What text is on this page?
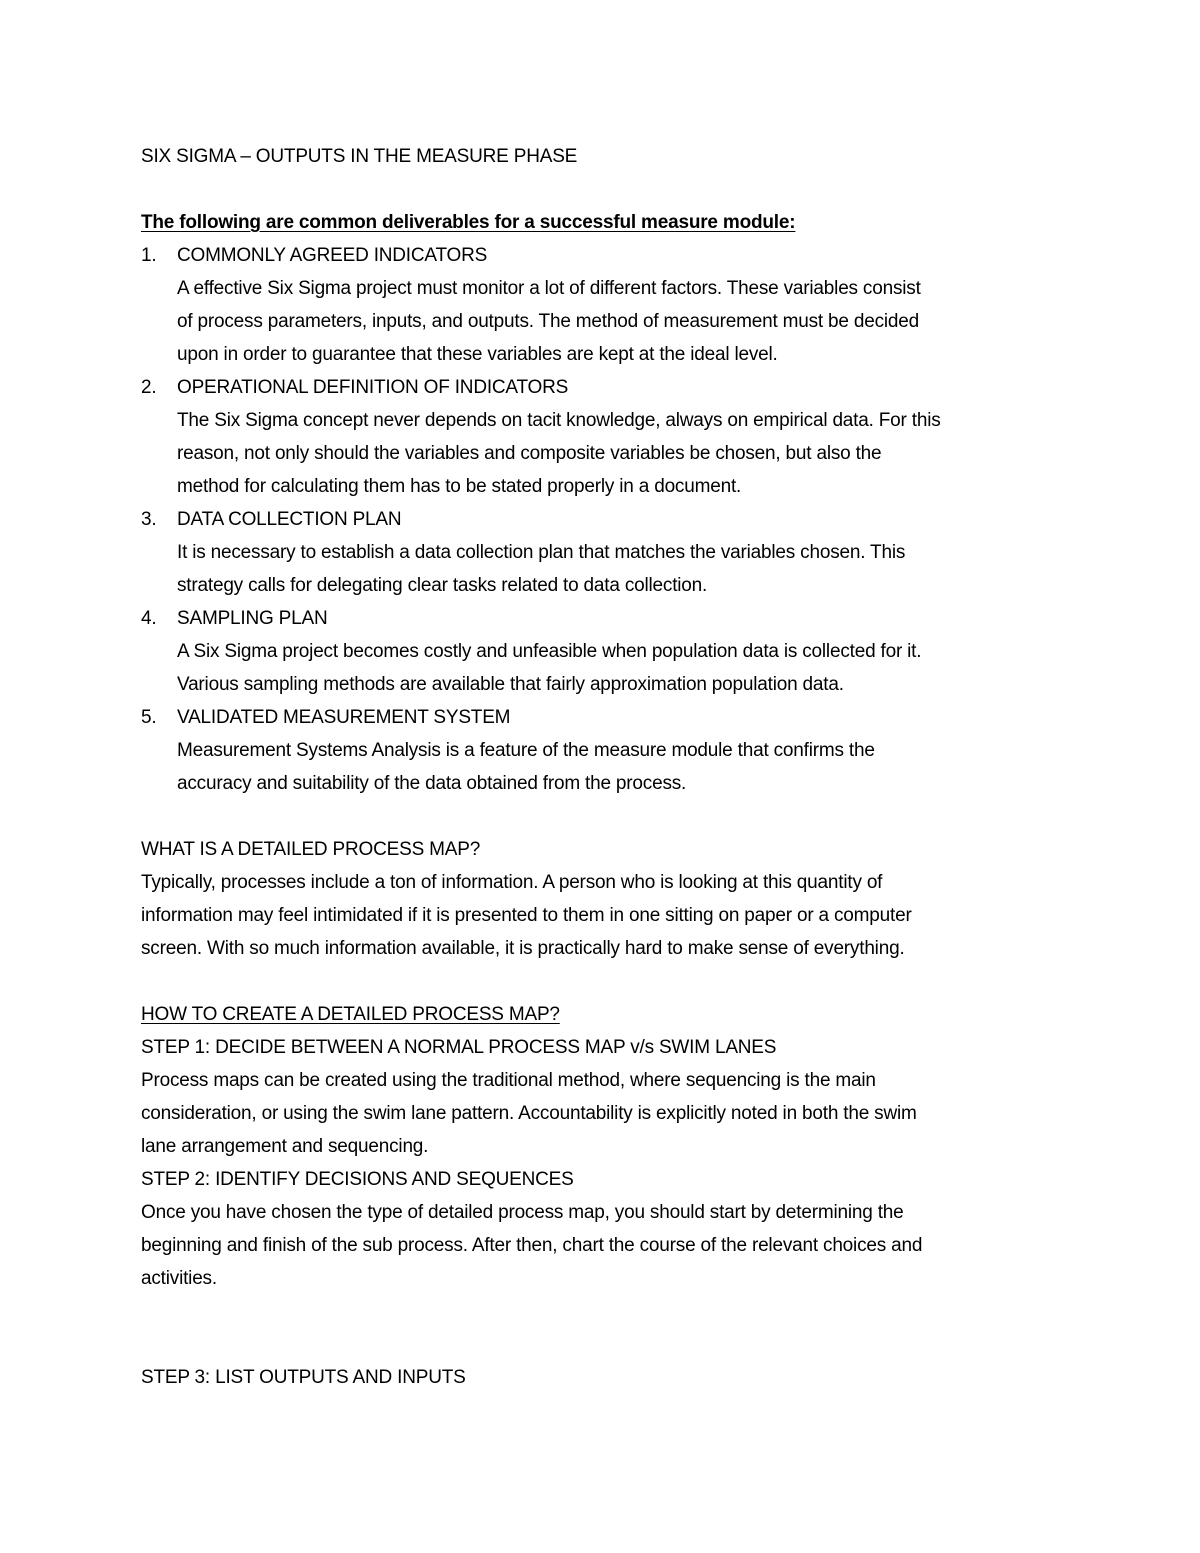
SIX SIGMA – OUTPUTS IN THE MEASURE PHASE
The following are common deliverables for a successful measure module:
1.	COMMONLY AGREED INDICATORS
A effective Six Sigma project must monitor a lot of different factors. These variables consist
of process parameters, inputs, and outputs. The method of measurement must be decided
upon in order to guarantee that these variables are kept at the ideal level.
2.	OPERATIONAL DEFINITION OF INDICATORS
The Six Sigma concept never depends on tacit knowledge, always on empirical data. For this
reason, not only should the variables and composite variables be chosen, but also the
method for calculating them has to be stated properly in a document.
3.	DATA COLLECTION PLAN
It is necessary to establish a data collection plan that matches the variables chosen. This
strategy calls for delegating clear tasks related to data collection.
4.	SAMPLING PLAN
A Six Sigma project becomes costly and unfeasible when population data is collected for it.
Various sampling methods are available that fairly approximation population data.
5.	VALIDATED MEASUREMENT SYSTEM
Measurement Systems Analysis is a feature of the measure module that confirms the
accuracy and suitability of the data obtained from the process.
WHAT IS A DETAILED PROCESS MAP?
Typically, processes include a ton of information. A person who is looking at this quantity of
information may feel intimidated if it is presented to them in one sitting on paper or a computer
screen. With so much information available, it is practically hard to make sense of everything.
HOW TO CREATE A DETAILED PROCESS MAP?
STEP 1: DECIDE BETWEEN A NORMAL PROCESS MAP v/s SWIM LANES
Process maps can be created using the traditional method, where sequencing is the main
consideration, or using the swim lane pattern. Accountability is explicitly noted in both the swim
lane arrangement and sequencing.
STEP 2: IDENTIFY DECISIONS AND SEQUENCES
Once you have chosen the type of detailed process map, you should start by determining the
beginning and finish of the sub process. After then, chart the course of the relevant choices and
activities.
STEP 3: LIST OUTPUTS AND INPUTS
